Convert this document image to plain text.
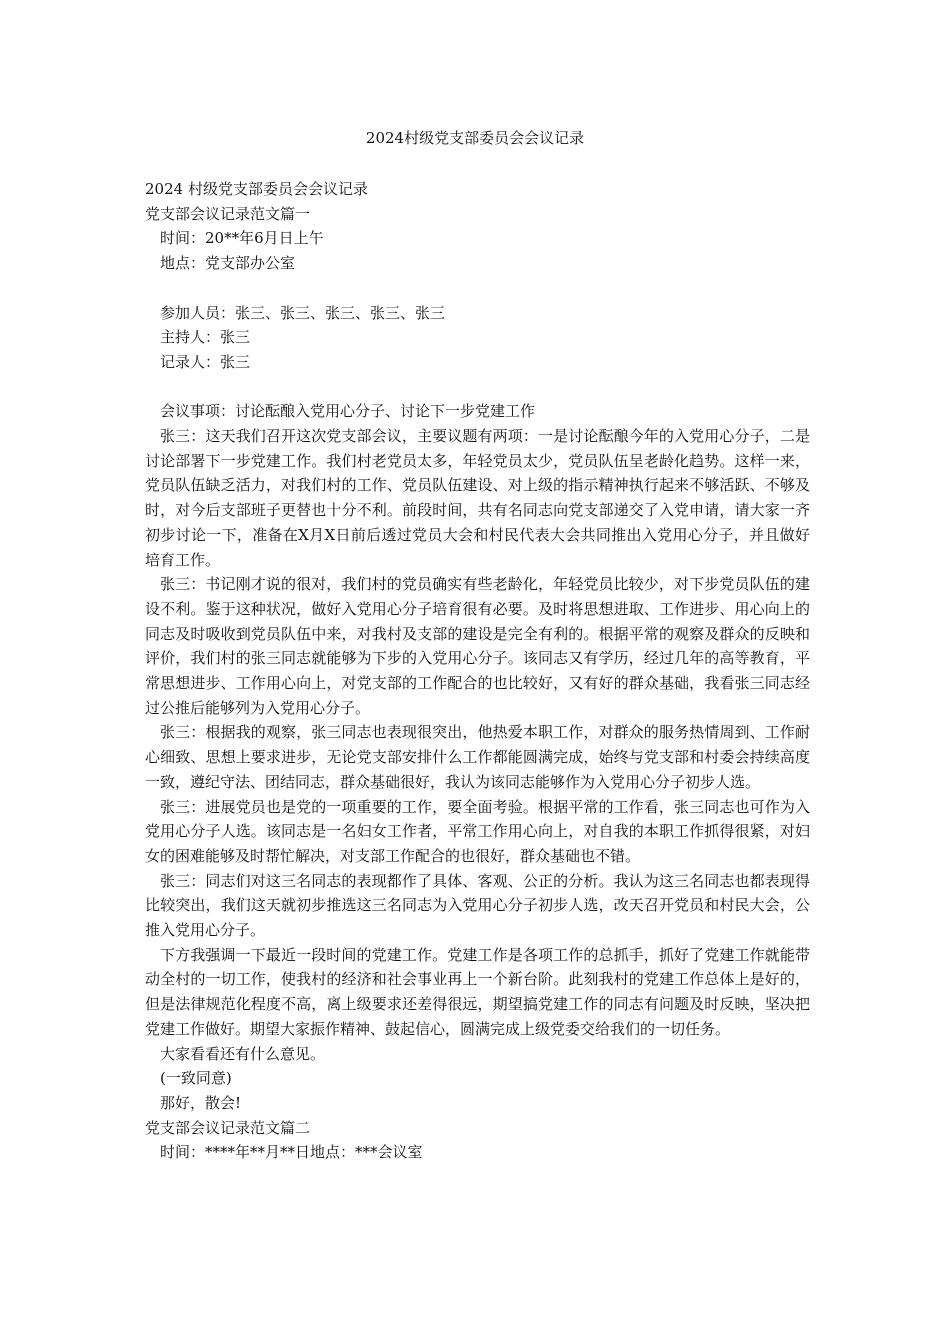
2024村级党支部委员会会议记录
2024 村级党支部委员会会议记录
党支部会议记录范文篇一
时间：20**年6月日上午
地点：党支部办公室
参加人员：张三、张三、张三、张三、张三
主持人：张三
记录人：张三
会议事项：讨论酝酿入党用心分子、讨论下一步党建工作

张三：这天我们召开这次党支部会议，主要议题有两项：一是讨论酝酿今年的入党用心分子，二是讨论部署下一步党建工作。我们村老党员太多，年轻党员太少，党员队伍呈老龄化趋势。这样一来，党员队伍缺乏活力，对我们村的工作、党员队伍建设、对上级的指示精神执行起来不够活跃、不够及时，对今后支部班子更替也十分不利。前段时间，共有名同志向党支部递交了入党申请，请大家一齐初步讨论一下，准备在X月X日前后透过党员大会和村民代表大会共同推出入党用心分子，并且做好培育工作。

张三：书记刚才说的很对，我们村的党员确实有些老龄化，年轻党员比较少，对下步党员队伍的建设不利。鉴于这种状况，做好入党用心分子培育很有必要。及时将思想进取、工作进步、用心向上的同志及时吸收到党员队伍中来，对我村及支部的建设是完全有利的。根据平常的观察及群众的反映和评价，我们村的张三同志就能够为下步的入党用心分子。该同志又有学历，经过几年的高等教育，平常思想进步、工作用心向上，对党支部的工作配合的也比较好，又有好的群众基础，我看张三同志经过公推后能够列为入党用心分子。

张三：根据我的观察，张三同志也表现很突出，他热爱本职工作，对群众的服务热情周到、工作耐心细致、思想上要求进步，无论党支部安排什么工作都能圆满完成，始终与党支部和村委会持续高度一致，遵纪守法、团结同志，群众基础很好，我认为该同志能够作为入党用心分子初步人选。

张三：进展党员也是党的一项重要的工作，要全面考验。根据平常的工作看，张三同志也可作为入党用心分子人选。该同志是一名妇女工作者，平常工作用心向上，对自我的本职工作抓得很紧，对妇女的困难能够及时帮忙解决，对支部工作配合的也很好，群众基础也不错。

张三：同志们对这三名同志的表现都作了具体、客观、公正的分析。我认为这三名同志也都表现得比较突出，我们这天就初步推选这三名同志为入党用心分子初步人选，改天召开党员和村民大会，公推入党用心分子。

下方我强调一下最近一段时间的党建工作。党建工作是各项工作的总抓手，抓好了党建工作就能带动全村的一切工作，使我村的经济和社会事业再上一个新台阶。此刻我村的党建工作总体上是好的，但是法律规范化程度不高，离上级要求还差得很远，期望搞党建工作的同志有问题及时反映，坚决把党建工作做好。期望大家振作精神、鼓起信心，圆满完成上级党委交给我们的一切任务。

大家看看还有什么意见。
(一致同意)
那好，散会!
党支部会议记录范文篇二
时间：****年**月**日地点：***会议室
